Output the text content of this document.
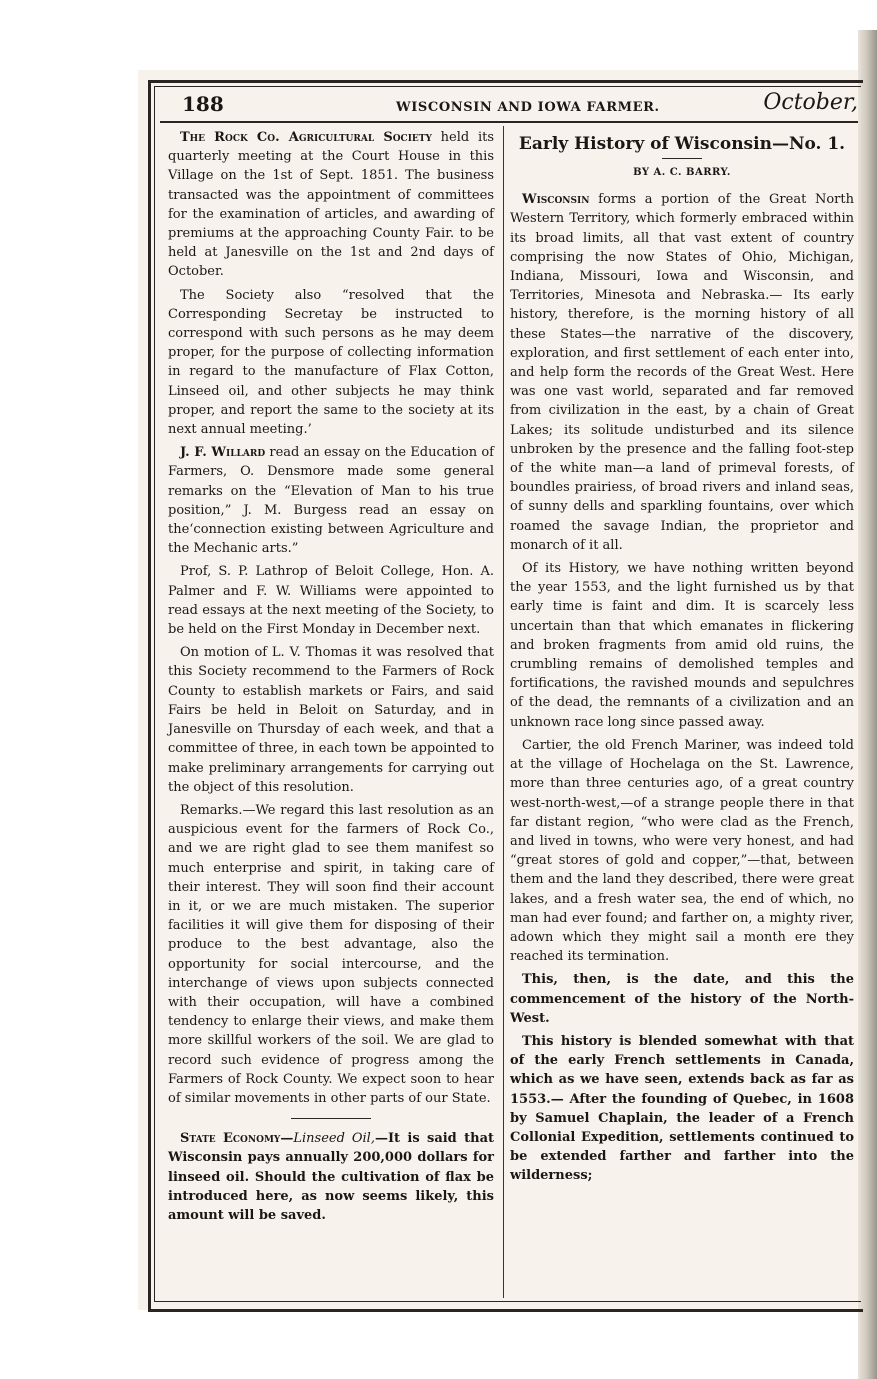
188	WISCONSIN AND IOWA FARMER.	October,

The Rock Co. Agricultural Society held its quarterly meeting at the Court House in this Village on the 1st of Sept. 1851. The business transacted was the appointment of committees for the examination of articles, and awarding of premiums at the approaching County Fair. to be held at Janesville on the 1st and 2nd days of October.

The Society also “resolved that the Corresponding Secretay be instructed to correspond with such persons as he may deem proper, for the purpose of collecting information in regard to the manufacture of Flax Cotton, Linseed oil, and other subjects he may think proper, and report the same to the society at its next annual meeting.’

J. F. Willard read an essay on the Education of Farmers, O. Densmore made some general remarks on the “Elevation of Man to his true position,” J. M. Burgess read an essay on the‘connection existing between Agriculture and the Mechanic arts.”

Prof, S. P. Lathrop of Beloit College, Hon. A. Palmer and F. W. Williams were appointed to read essays at the next meeting of the Society, to be held on the First Monday in December next.

On motion of L. V. Thomas it was resolved that this Society recommend to the Farmers of Rock County to establish markets or Fairs, and said Fairs be held in Beloit on Saturday, and in Janesville on Thursday of each week, and that a committee of three, in each town be appointed to make preliminary arrangements for carrying out the object of this resolution.

Remarks.—We regard this last resolution as an auspicious event for the farmers of Rock Co., and we are right glad to see them manifest so much enterprise and spirit, in taking care of their interest. They will soon find their account in it, or we are much mistaken. The superior facilities it will give them for disposing of their produce to the best advantage, also the opportunity for social intercourse, and the interchange of views upon subjects connected with their occupation, will have a combined tendency to enlarge their views, and make them more skillful workers of the soil. We are glad to record such evidence of progress among the Farmers of Rock County. We expect soon to hear of similar movements in other parts of our State.

State Economy—Linseed Oil,—It is said that Wisconsin pays annually 200,000 dollars for linseed oil. Should the cultivation of flax be introduced here, as now seems likely, this amount will be saved.

Early History of Wisconsin—No. 1.
BY A. C. BARRY.

Wisconsin forms a portion of the Great North Western Territory, which formerly embraced within its broad limits, all that vast extent of country comprising the now States of Ohio, Michigan, Indiana, Missouri, Iowa and Wisconsin, and Territories, Minesota and Nebraska.— Its early history, therefore, is the morning history of all these States—the narrative of the discovery, exploration, and first settlement of each enter into, and help form the records of the Great West. Here was one vast world, separated and far removed from civilization in the east, by a chain of Great Lakes; its solitude undisturbed and its silence unbroken by the presence and the falling foot-step of the white man—a land of primeval forests, of boundles prairiess, of broad rivers and inland seas, of sunny dells and sparkling fountains, over which roamed the savage Indian, the proprietor and monarch of it all.

Of its History, we have nothing written beyond the year 1553, and the light furnished us by that early time is faint and dim. It is scarcely less uncertain than that which emanates in flickering and broken fragments from amid old ruins, the crumbling remains of demolished temples and fortifications, the ravished mounds and sepulchres of the dead, the remnants of a civilization and an unknown race long since passed away.

Cartier, the old French Mariner, was indeed told at the village of Hochelaga on the St. Lawrence, more than three centuries ago, of a great country west-north-west,—of a strange people there in that far distant region, “who were clad as the French, and lived in towns, who were very honest, and had “great stores of gold and copper,”—that, between them and the land they described, there were great lakes, and a fresh water sea, the end of which, no man had ever found; and farther on, a mighty river, adown which they might sail a month ere they reached its termination.

This, then, is the date, and this the commencement of the history of the North-West.

This history is blended somewhat with that of the early French settlements in Canada, which as we have seen, extends back as far as 1553.— After the founding of Quebec, in 1608 by Samuel Chaplain, the leader of a French Collonial Expedition, settlements continued to be extended farther and farther into the wilderness;
